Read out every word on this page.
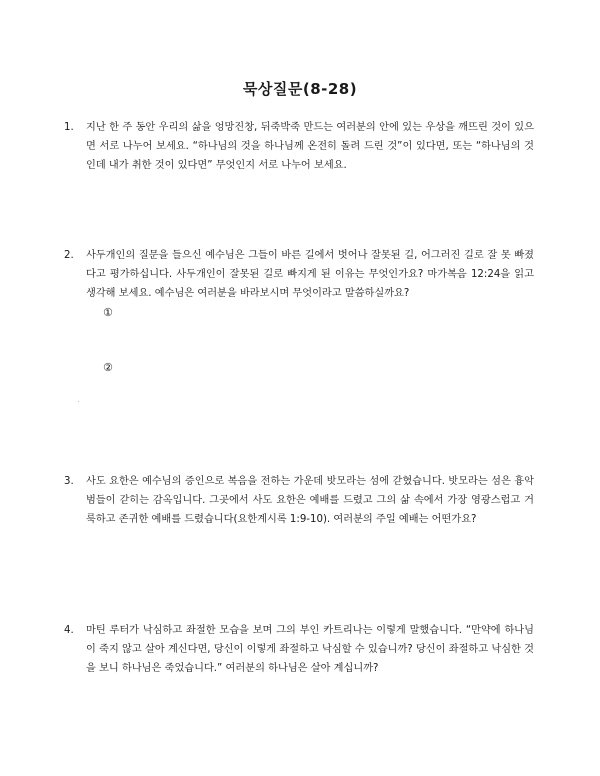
묵상질문(8-28)
1. 지난 한 주 동안 우리의 삶을 엉망진창, 뒤죽박죽 만드는 여러분의 안에 있는 우상을 깨뜨린 것이 있으면 서로 나누어 보세요. “하나님의 것을 하나님께 온전히 돌려 드린 것”이 있다면, 또는 “하나님의 것인데 내가 취한 것이 있다면” 무엇인지 서로 나누어 보세요.
2. 사두개인의 질문을 들으신 예수님은 그들이 바른 길에서 벗어나 잘못된 길, 어그러진 길로 잘 못 빠졌다고 평가하십니다. 사두개인이 잘못된 길로 빠지게 된 이유는 무엇인가요? 마가복음 12:24을 읽고 생각해 보세요. 예수님은 여러분을 바라보시며 무엇이라고 말씀하실까요?
①
②
3. 사도 요한은 예수님의 증인으로 복음을 전하는 가운데 밧모라는 섬에 갇혔습니다. 밧모라는 섬은 흉악범들이 갇히는 감옥입니다. 그곳에서 사도 요한은 예배를 드렸고 그의 삶 속에서 가장 영광스럽고 거룩하고 존귀한 예배를 드렸습니다(요한계시록 1:9-10). 여러분의 주일 예배는 어떤가요?
4. 마틴 루터가 낙심하고 좌절한 모습을 보며 그의 부인 카트리나는 이렇게 말했습니다. “만약에 하나님이 죽지 않고 살아 계신다면, 당신이 이렇게 좌절하고 낙심할 수 있습니까? 당신이 좌절하고 낙심한 것을 보니 하나님은 죽었습니다.” 여러분의 하나님은 살아 계십니까?
